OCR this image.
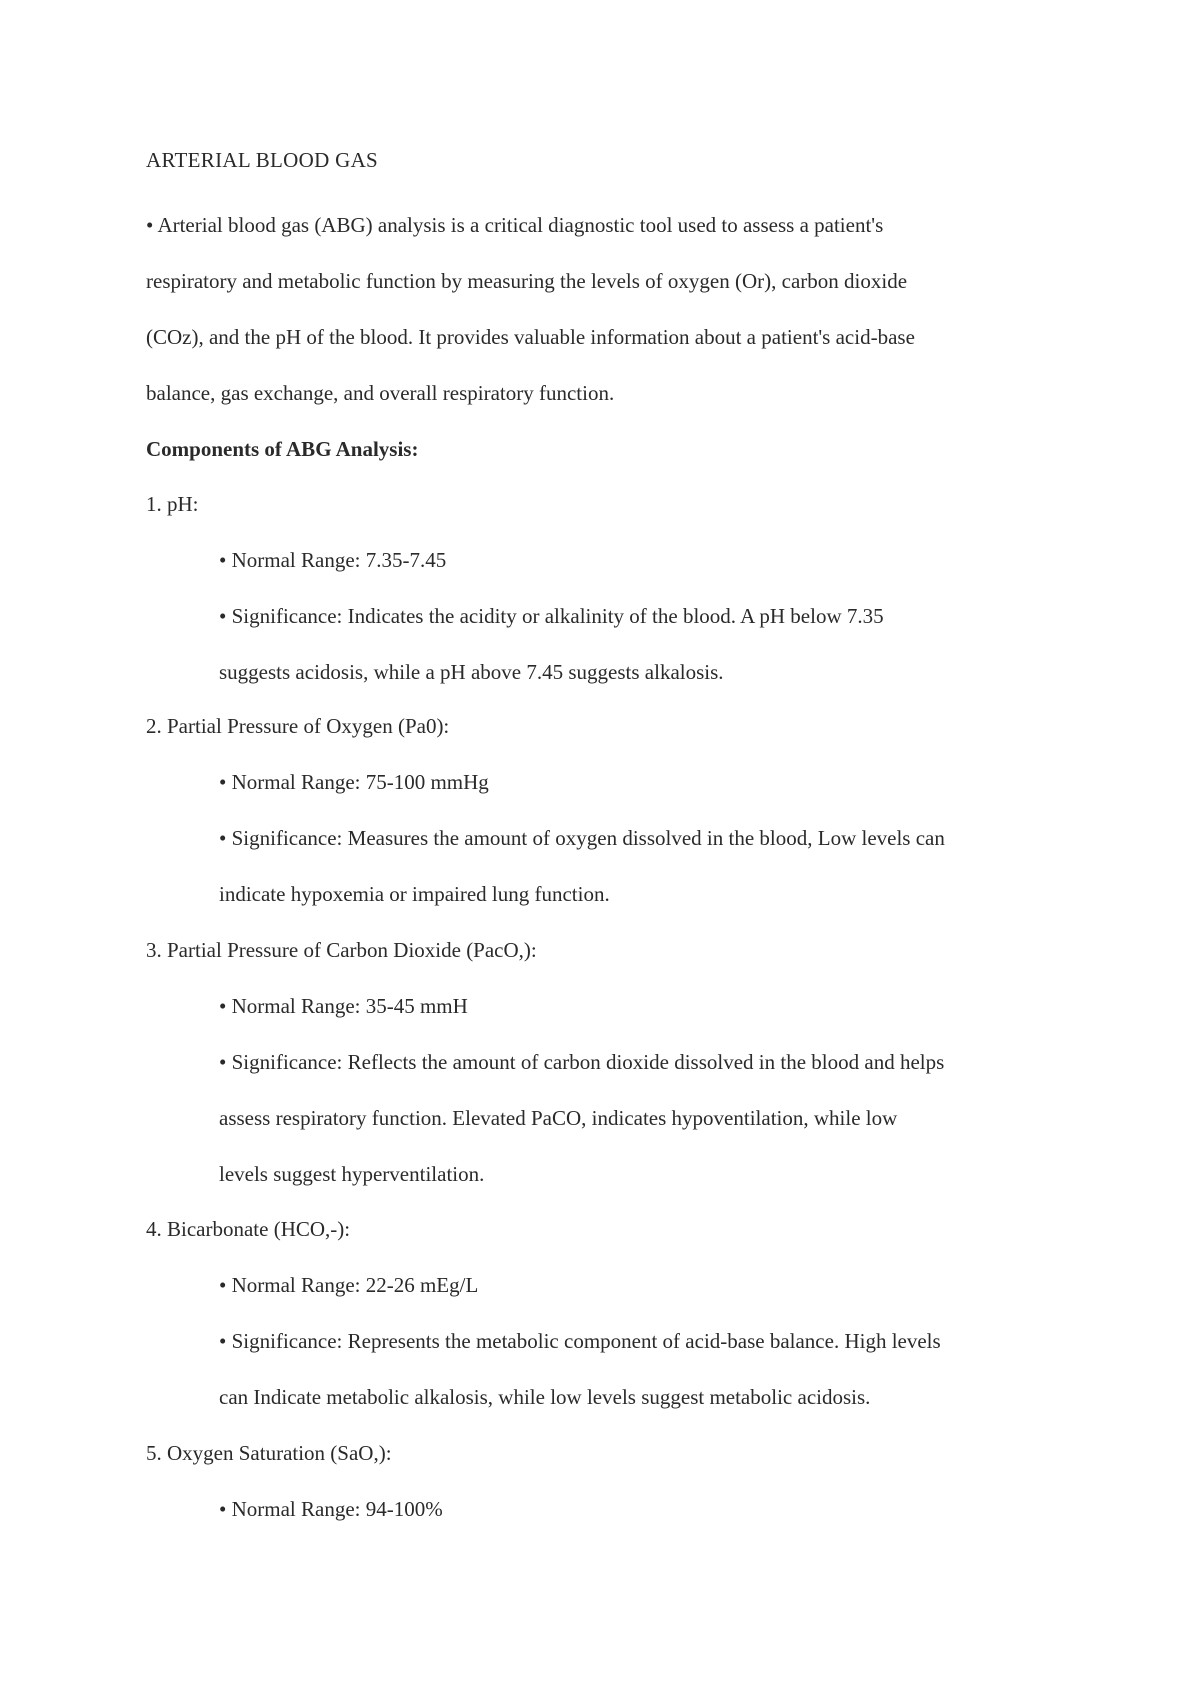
ARTERIAL BLOOD GAS
• Arterial blood gas (ABG) analysis is a critical diagnostic tool used to assess a patient's
respiratory and metabolic function by measuring the levels of oxygen (Or), carbon dioxide
(COz), and the pH of the blood. It provides valuable information about a patient's acid-base
balance, gas exchange, and overall respiratory function.
Components of ABG Analysis:
1. pH:
• Normal Range: 7.35-7.45
• Significance: Indicates the acidity or alkalinity of the blood. A pH below 7.35
suggests acidosis, while a pH above 7.45 suggests alkalosis.
2. Partial Pressure of Oxygen (Pa0):
• Normal Range: 75-100 mmHg
• Significance: Measures the amount of oxygen dissolved in the blood, Low levels can
indicate hypoxemia or impaired lung function.
3. Partial Pressure of Carbon Dioxide (PacO,):
• Normal Range: 35-45 mmH
• Significance: Reflects the amount of carbon dioxide dissolved in the blood and helps
assess respiratory function. Elevated PaCO, indicates hypoventilation, while low
levels suggest hyperventilation.
4. Bicarbonate (HCO,-):
• Normal Range: 22-26 mEg/L
• Significance: Represents the metabolic component of acid-base balance. High levels
can Indicate metabolic alkalosis, while low levels suggest metabolic acidosis.
5. Oxygen Saturation (SaO,):
• Normal Range: 94-100%
